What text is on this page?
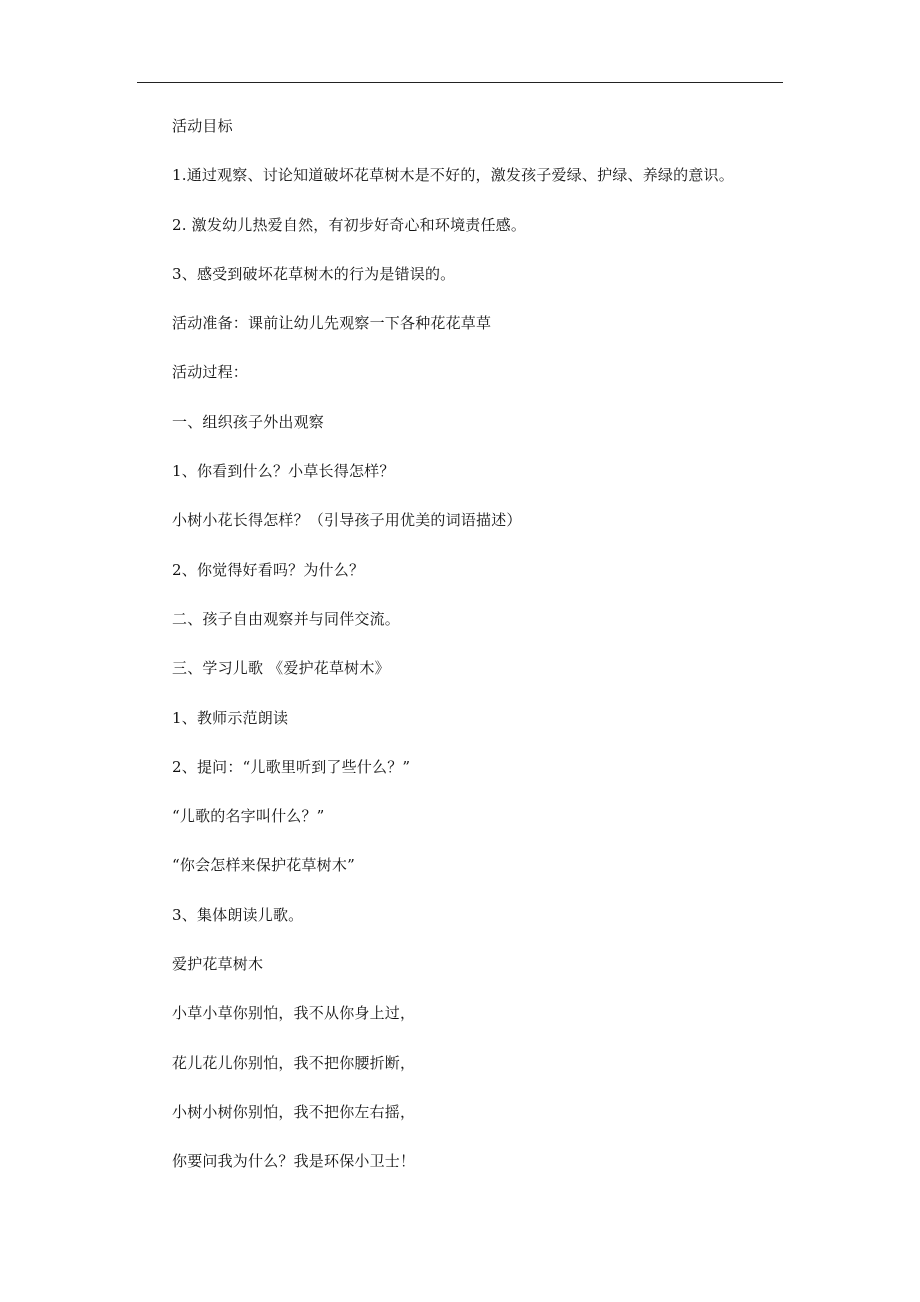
活动目标
1.通过观察、讨论知道破坏花草树木是不好的，激发孩子爱绿、护绿、养绿的意识。
2. 激发幼儿热爱自然，有初步好奇心和环境责任感。
3、感受到破坏花草树木的行为是错误的。
活动准备：课前让幼儿先观察一下各种花花草草
活动过程：
一、组织孩子外出观察
1、你看到什么？小草长得怎样？
小树小花长得怎样？（引导孩子用优美的词语描述）
2、你觉得好看吗？为什么？
二、孩子自由观察并与同伴交流。
三、学习儿歌 《爱护花草树木》
1、教师示范朗读
2、提问：“儿歌里听到了些什么？”
“儿歌的名字叫什么？”
“你会怎样来保护花草树木”
3、集体朗读儿歌。
爱护花草树木
小草小草你别怕，我不从你身上过，
花儿花儿你别怕，我不把你腰折断，
小树小树你别怕，我不把你左右摇，
你要问我为什么？我是环保小卫士！
